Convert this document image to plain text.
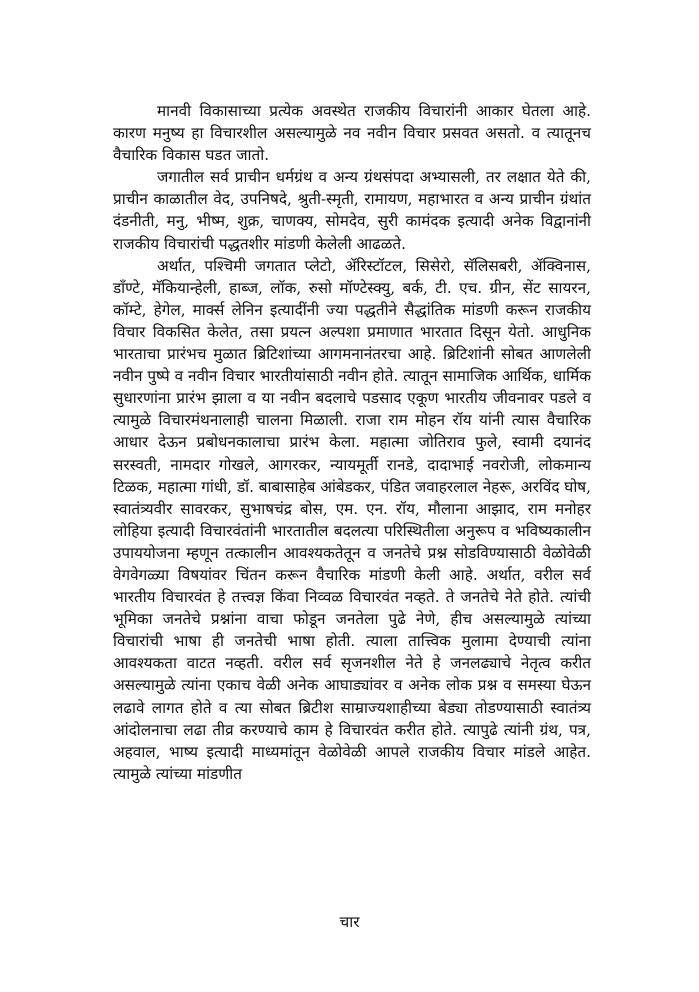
मानवी विकासाच्या प्रत्येक अवस्थेत राजकीय विचारांनी आकार घेतला आहे. कारण मनुष्य हा विचारशील असल्यामुळे नव नवीन विचार प्रसवत असतो. व त्यातूनच वैचारिक विकास घडत जातो.

जगातील सर्व प्राचीन धर्मग्रंथ व अन्य ग्रंथसंपदा अभ्यासली, तर लक्षात येते की, प्राचीन काळातील वेद, उपनिषदे, श्रुती-स्मृती, रामायण, महाभारत व अन्य प्राचीन ग्रंथांत दंडनीती, मनु, भीष्म, शुक्र, चाणक्य, सोमदेव, सुरी कामंदक इत्यादी अनेक विद्वानांनी राजकीय विचारांची पद्धतशीर मांडणी केलेली आढळते.

अर्थात, पश्चिमी जगतात प्लेटो, ॲरिस्टॉटल, सिसेरो, सॅलिसबरी, ॲक्विनास, डाँण्टे, मॅकियान्हेली, हाब्ज, लॉक, रुसो मॉण्टेस्क्यु, बर्क, टी. एच. ग्रीन, सेंट सायरन, कॉम्टे, हेगेल, मार्क्स लेनिन इत्यादींनी ज्या पद्धतीने सैद्धांतिक मांडणी करून राजकीय विचार विकसित केलेत, तसा प्रयत्न अल्पशा प्रमाणात भारतात दिसून येतो. आधुनिक भारताचा प्रारंभच मुळात ब्रिटिशांच्या आगमनानंतरचा आहे. ब्रिटिशांनी सोबत आणलेली नवीन पुष्पे व नवीन विचार भारतीयांसाठी नवीन होते. त्यातून सामाजिक आर्थिक, धार्मिक सुधारणांना प्रारंभ झाला व या नवीन बदलाचे पडसाद एकूण भारतीय जीवनावर पडले व त्यामुळे विचारमंथनालाही चालना मिळाली. राजा राम मोहन रॉय यांनी त्यास वैचारिक आधार देऊन प्रबोधनकालाचा प्रारंभ केला. महात्मा जोतिराव फुले, स्वामी दयानंद सरस्वती, नामदार गोखले, आगरकर, न्यायमूर्ती रानडे, दादाभाई नवरोजी, लोकमान्य टिळक, महात्मा गांधी, डॉ. बाबासाहेब आंबेडकर, पंडित जवाहरलाल नेहरू, अरविंद घोष, स्वातंत्र्यवीर सावरकर, सुभाषचंद्र बोस, एम. एन. रॉय, मौलाना आझाद, राम मनोहर लोहिया इत्यादी विचारवंतांनी भारतातील बदलत्या परिस्थितीला अनुरूप व भविष्यकालीन उपाययोजना म्हणून तत्कालीन आवश्यकतेतून व जनतेचे प्रश्न सोडविण्यासाठी वेळोवेळी वेगवेगळ्या विषयांवर चिंतन करून वैचारिक मांडणी केली आहे. अर्थात, वरील सर्व भारतीय विचारवंत हे तत्त्वज्ञ किंवा निव्वळ विचारवंत नव्हते. ते जनतेचे नेते होते. त्यांची भूमिका जनतेचे प्रश्नांना वाचा फोडून जनतेला पुढे नेणे, हीच असल्यामुळे त्यांच्या विचारांची भाषा ही जनतेची भाषा होती. त्याला तात्त्विक मुलामा देण्याची त्यांना आवश्यकता वाटत नव्हती. वरील सर्व सृजनशील नेते हे जनलढ्याचे नेतृत्व करीत असल्यामुळे त्यांना एकाच वेळी अनेक आघाड्यांवर व अनेक लोक प्रश्न व समस्या घेऊन लढावे लागत होते व त्या सोबत ब्रिटीश साम्राज्यशाहीच्या बेड्या तोडण्यासाठी स्वातंत्र्य आंदोलनाचा लढा तीव्र करण्याचे काम हे विचारवंत करीत होते. त्यापुढे त्यांनी ग्रंथ, पत्र, अहवाल, भाष्य इत्यादी माध्यमांतून वेळोवेळी आपले राजकीय विचार मांडले आहेत. त्यामुळे त्यांच्या मांडणीत

चार
